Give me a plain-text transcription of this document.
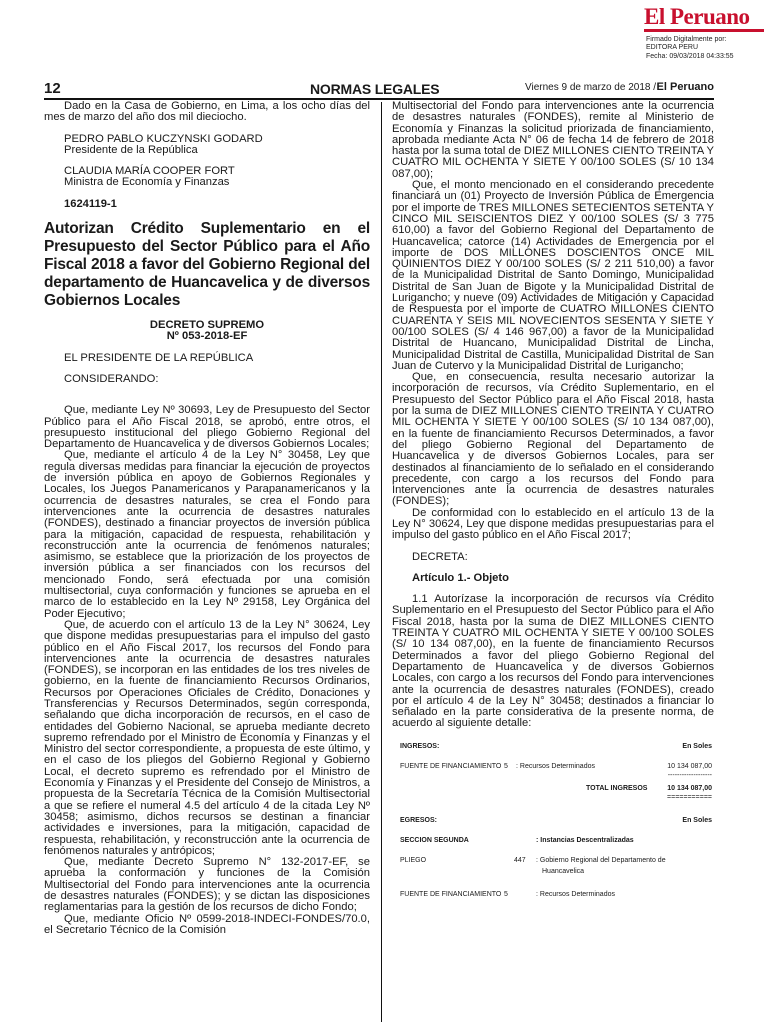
El Peruano
Firmado Digitalmente por:
EDITORA PERU
Fecha: 09/03/2018 04:33:55
12	NORMAS LEGALES	Viernes 9 de marzo de 2018 / El Peruano

Dado en la Casa de Gobierno, en Lima, a los ocho días del mes de marzo del año dos mil dieciocho.

PEDRO PABLO KUCZYNSKI GODARD

Presidente de la República

CLAUDIA MARÍA COOPER FORT

Ministra de Economía y Finanzas

1624119-1
Autorizan Crédito Suplementario en el Presupuesto del Sector Público para el Año Fiscal 2018 a favor del Gobierno Regional del departamento de Huancavelica y de diversos Gobiernos Locales
DECRETO SUPREMO
Nº 053-2018-EF

EL PRESIDENTE DE LA REPÚBLICA

CONSIDERANDO:

Que, mediante Ley Nº 30693, Ley de Presupuesto del Sector Público para el Año Fiscal 2018, se aprobó, entre otros, el presupuesto institucional del pliego Gobierno Regional del Departamento de Huancavelica y de diversos Gobiernos Locales;

Que, mediante el artículo 4 de la Ley N° 30458, Ley que regula diversas medidas para financiar la ejecución de proyectos de inversión pública en apoyo de Gobiernos Regionales y Locales, los Juegos Panamericanos y Parapanamericanos y la ocurrencia de desastres naturales, se crea el Fondo para intervenciones ante la ocurrencia de desastres naturales (FONDES), destinado a financiar proyectos de inversión pública para la mitigación, capacidad de respuesta, rehabilitación y reconstrucción ante la ocurrencia de fenómenos naturales; asimismo, se establece que la priorización de los proyectos de inversión pública a ser financiados con los recursos del mencionado Fondo, será efectuada por una comisión multisectorial, cuya conformación y funciones se aprueba en el marco de lo establecido en la Ley Nº 29158, Ley Orgánica del Poder Ejecutivo;

Que, de acuerdo con el artículo 13 de la Ley N° 30624, Ley que dispone medidas presupuestarias para el impulso del gasto público en el Año Fiscal 2017, los recursos del Fondo para intervenciones ante la ocurrencia de desastres naturales (FONDES), se incorporan en las entidades de los tres niveles de gobierno, en la fuente de financiamiento Recursos Ordinarios, Recursos por Operaciones Oficiales de Crédito, Donaciones y Transferencias y Recursos Determinados, según corresponda, señalando que dicha incorporación de recursos, en el caso de entidades del Gobierno Nacional, se aprueba mediante decreto supremo refrendado por el Ministro de Economía y Finanzas y el Ministro del sector correspondiente, a propuesta de este último, y en el caso de los pliegos del Gobierno Regional y Gobierno Local, el decreto supremo es refrendado por el Ministro de Economía y Finanzas y el Presidente del Consejo de Ministros, a propuesta de la Secretaría Técnica de la Comisión Multisectorial a que se refiere el numeral 4.5 del artículo 4 de la citada Ley Nº 30458; asimismo, dichos recursos se destinan a financiar actividades e inversiones, para la mitigación, capacidad de respuesta, rehabilitación, y reconstrucción ante la ocurrencia de fenómenos naturales y antrópicos;

Que, mediante Decreto Supremo N° 132-2017-EF, se aprueba la conformación y funciones de la Comisión Multisectorial del Fondo para intervenciones ante la ocurrencia de desastres naturales (FONDES); y se dictan las disposiciones reglamentarias para la gestión de los recursos de dicho Fondo;

Que, mediante Oficio Nº 0599-2018-INDECI-FONDES/70.0, el Secretario Técnico de la Comisión

Multisectorial del Fondo para intervenciones ante la ocurrencia de desastres naturales (FONDES), remite al Ministerio de Economía y Finanzas la solicitud priorizada de financiamiento, aprobada mediante Acta N° 06 de fecha 14 de febrero de 2018 hasta por la suma total de DIEZ MILLONES CIENTO TREINTA Y CUATRO MIL OCHENTA Y SIETE Y 00/100 SOLES (S/ 10 134 087,00);

Que, el monto mencionado en el considerando precedente financiará un (01) Proyecto de Inversión Pública de Emergencia por el importe de TRES MILLONES SETECIENTOS SETENTA Y CINCO MIL SEISCIENTOS DIEZ Y 00/100 SOLES (S/ 3 775 610,00) a favor del Gobierno Regional del Departamento de Huancavelica; catorce (14) Actividades de Emergencia por el importe de DOS MILLONES DOSCIENTOS ONCE MIL QUINIENTOS DIEZ Y 00/100 SOLES (S/ 2 211 510,00) a favor de la Municipalidad Distrital de Santo Domingo, Municipalidad Distrital de San Juan de Bigote y la Municipalidad Distrital de Lurigancho; y nueve (09) Actividades de Mitigación y Capacidad de Respuesta por el importe de CUATRO MILLONES CIENTO CUARENTA Y SEIS MIL NOVECIENTOS SESENTA Y SIETE Y 00/100 SOLES (S/ 4 146 967,00) a favor de la Municipalidad Distrital de Huancano, Municipalidad Distrital de Lincha, Municipalidad Distrital de Castilla, Municipalidad Distrital de San Juan de Cutervo y la Municipalidad Distrital de Lurigancho;

Que, en consecuencia, resulta necesario autorizar la incorporación de recursos, vía Crédito Suplementario, en el Presupuesto del Sector Público para el Año Fiscal 2018, hasta por la suma de DIEZ MILLONES CIENTO TREINTA Y CUATRO MIL OCHENTA Y SIETE Y 00/100 SOLES (S/ 10 134 087,00), en la fuente de financiamiento Recursos Determinados, a favor del pliego Gobierno Regional del Departamento de Huancavelica y de diversos Gobiernos Locales, para ser destinados al financiamiento de lo señalado en el considerando precedente, con cargo a los recursos del Fondo para Intervenciones ante la ocurrencia de desastres naturales (FONDES);

De conformidad con lo establecido en el artículo 13 de la Ley N° 30624, Ley que dispone medidas presupuestarias para el impulso del gasto público en el Año Fiscal 2017;

DECRETA:

Artículo 1.- Objeto

1.1 Autorízase la incorporación de recursos vía Crédito Suplementario en el Presupuesto del Sector Público para el Año Fiscal 2018, hasta por la suma de DIEZ MILLONES CIENTO TREINTA Y CUATRO MIL OCHENTA Y SIETE Y 00/100 SOLES (S/ 10 134 087,00), en la fuente de financiamiento Recursos Determinados a favor del pliego Gobierno Regional del Departamento de Huancavelica y de diversos Gobiernos Locales, con cargo a los recursos del Fondo para intervenciones ante la ocurrencia de desastres naturales (FONDES), creado por el artículo 4 de la Ley N° 30458; destinados a financiar lo señalado en la parte considerativa de la presente norma, de acuerdo al siguiente detalle:

INGRESOS:	En Soles
FUENTE DE FINANCIAMIENTO 5 : Recursos Determinados	10 134 087,00
-------------------
TOTAL INGRESOS	10 134 087,00
===========
EGRESOS:	En Soles
SECCION SEGUNDA	: Instancias Descentralizadas
PLIEGO	447 : Gobierno Regional del Departamento de
Huancavelica
FUENTE DE FINANCIAMIENTO 5	: Recursos Determinados
